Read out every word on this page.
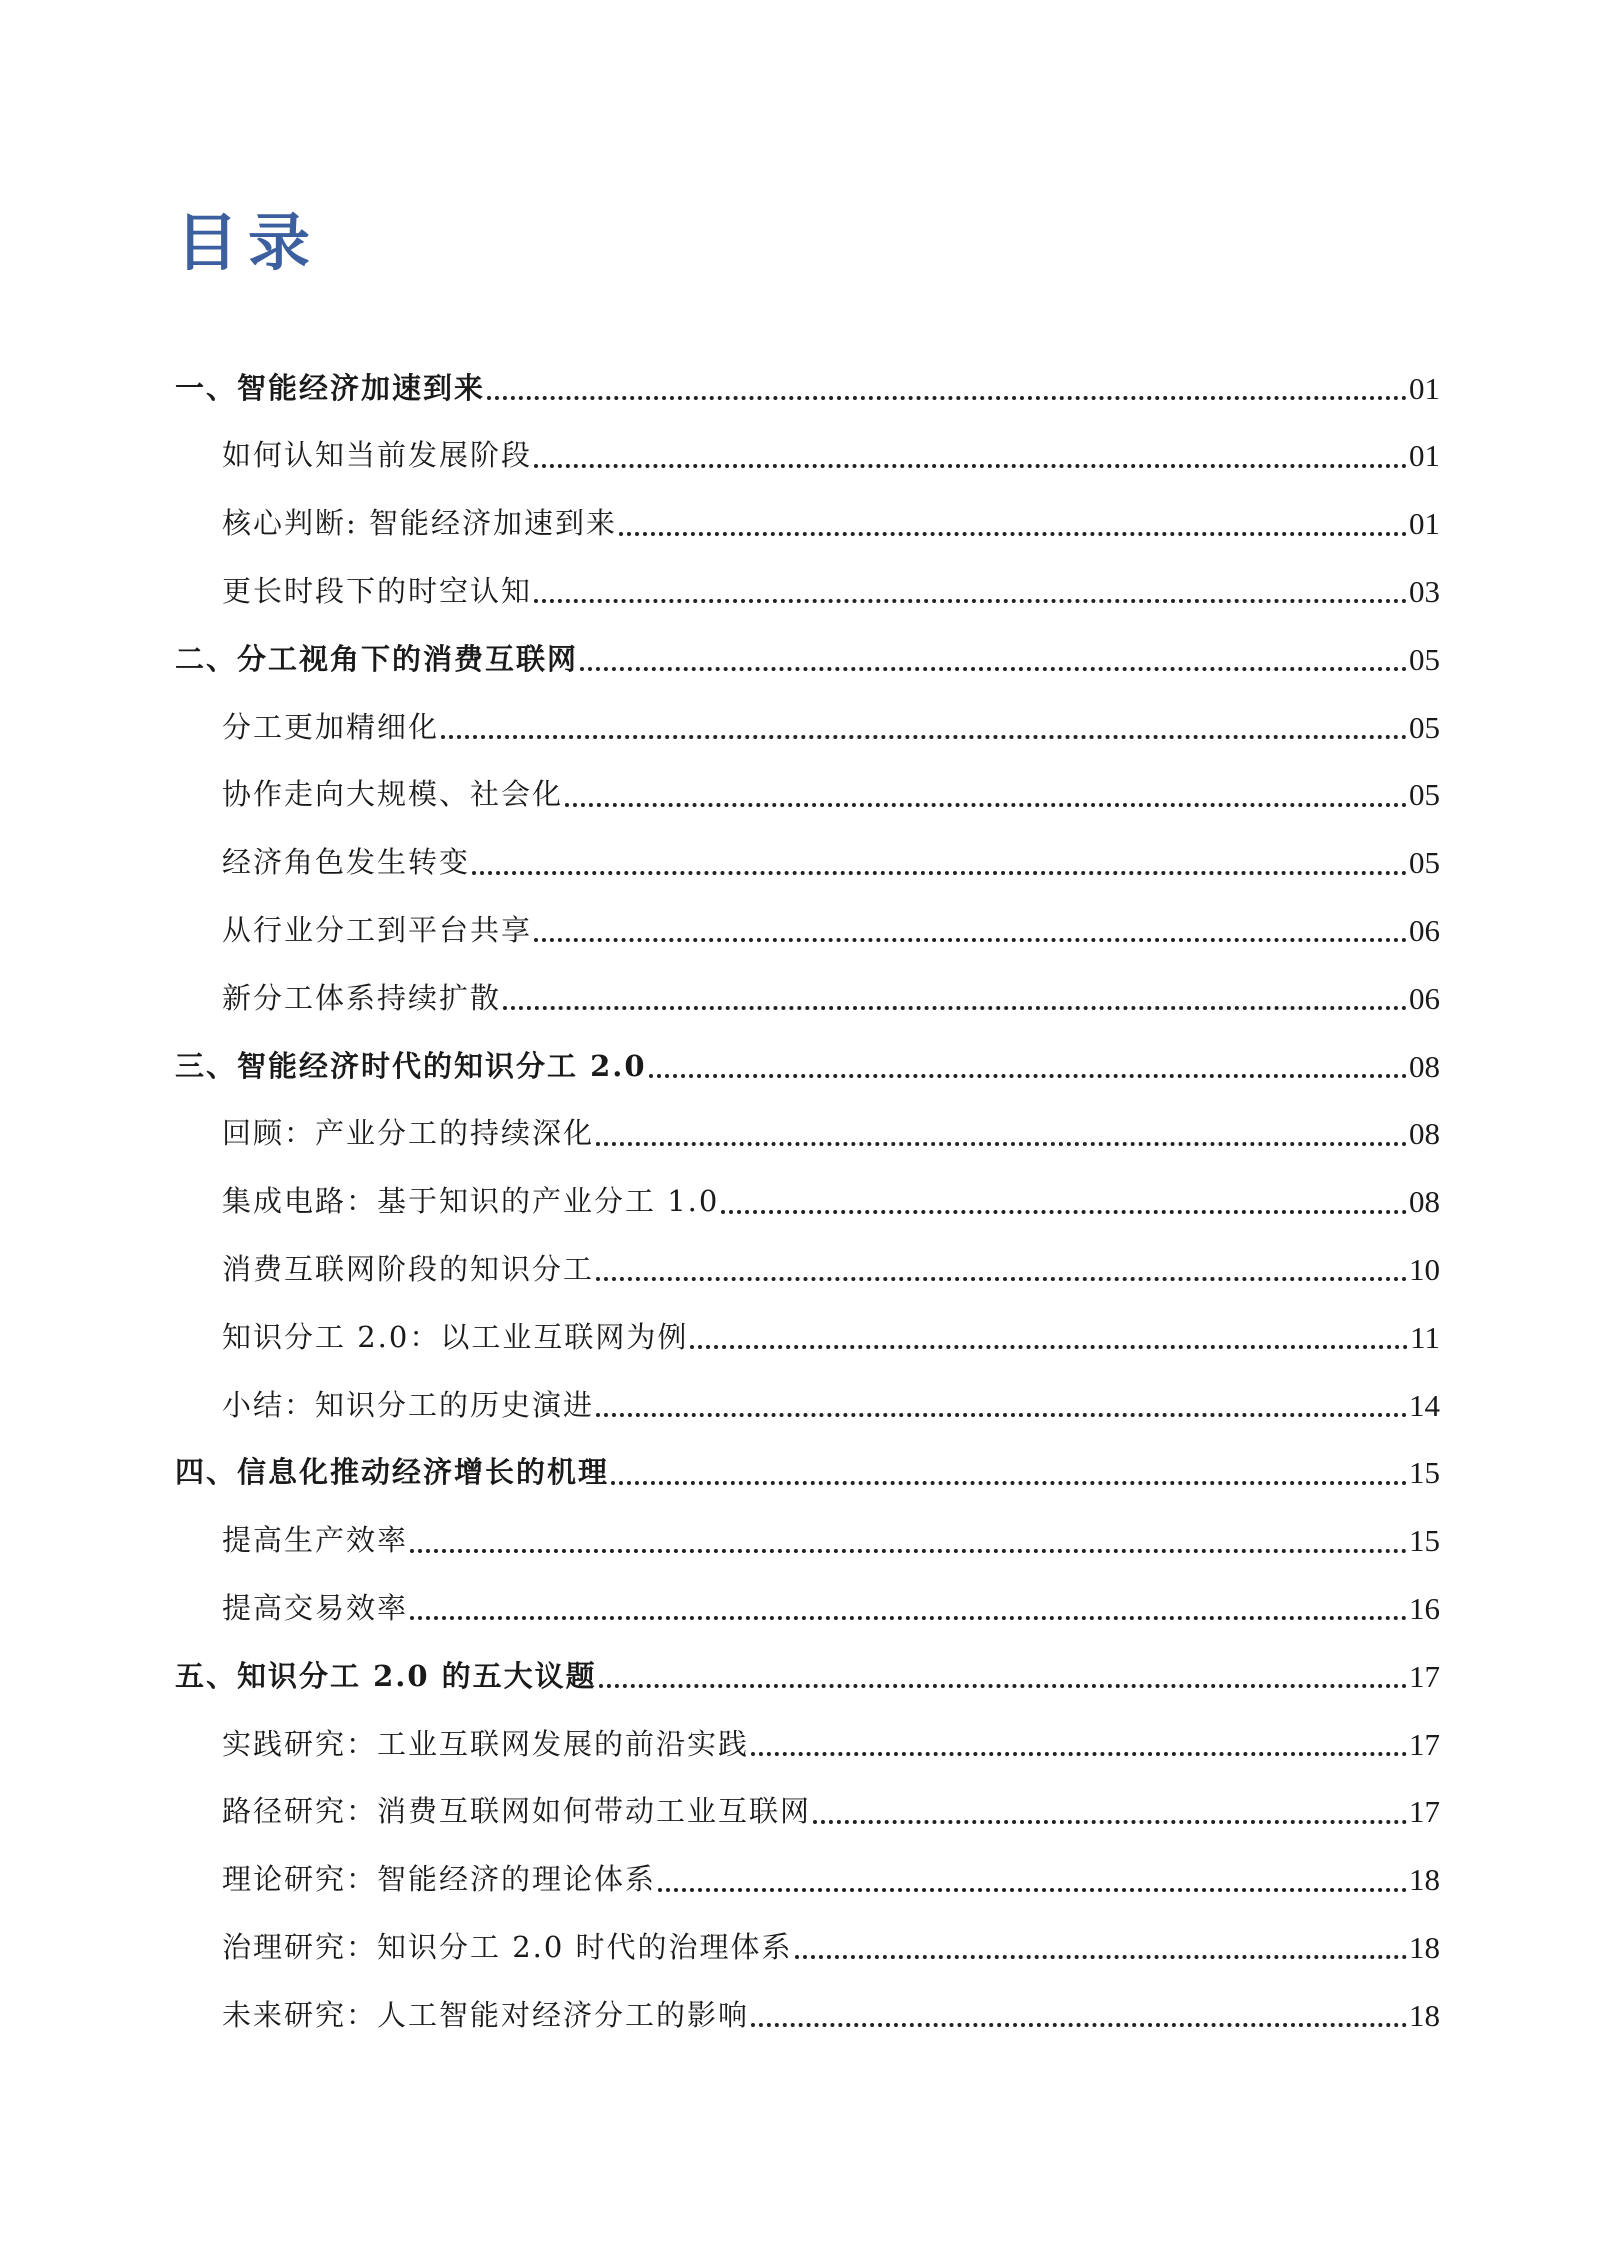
目录
一、智能经济加速到来	01
如何认知当前发展阶段	01
核心判断: 智能经济加速到来	01
更长时段下的时空认知	03
二、分工视角下的消费互联网	05
分工更加精细化	05
协作走向大规模、社会化	05
经济角色发生转变	05
从行业分工到平台共享	06
新分工体系持续扩散	06
三、智能经济时代的知识分工 2.0	08
回顾：产业分工的持续深化	08
集成电路：基于知识的产业分工 1.0	08
消费互联网阶段的知识分工	10
知识分工 2.0：以工业互联网为例	11
小结：知识分工的历史演进	14
四、信息化推动经济增长的机理	15
提高生产效率	15
提高交易效率	16
五、知识分工 2.0 的五大议题	17
实践研究：工业互联网发展的前沿实践	17
路径研究：消费互联网如何带动工业互联网	17
理论研究：智能经济的理论体系	18
治理研究：知识分工 2.0 时代的治理体系	18
未来研究：人工智能对经济分工的影响	18
